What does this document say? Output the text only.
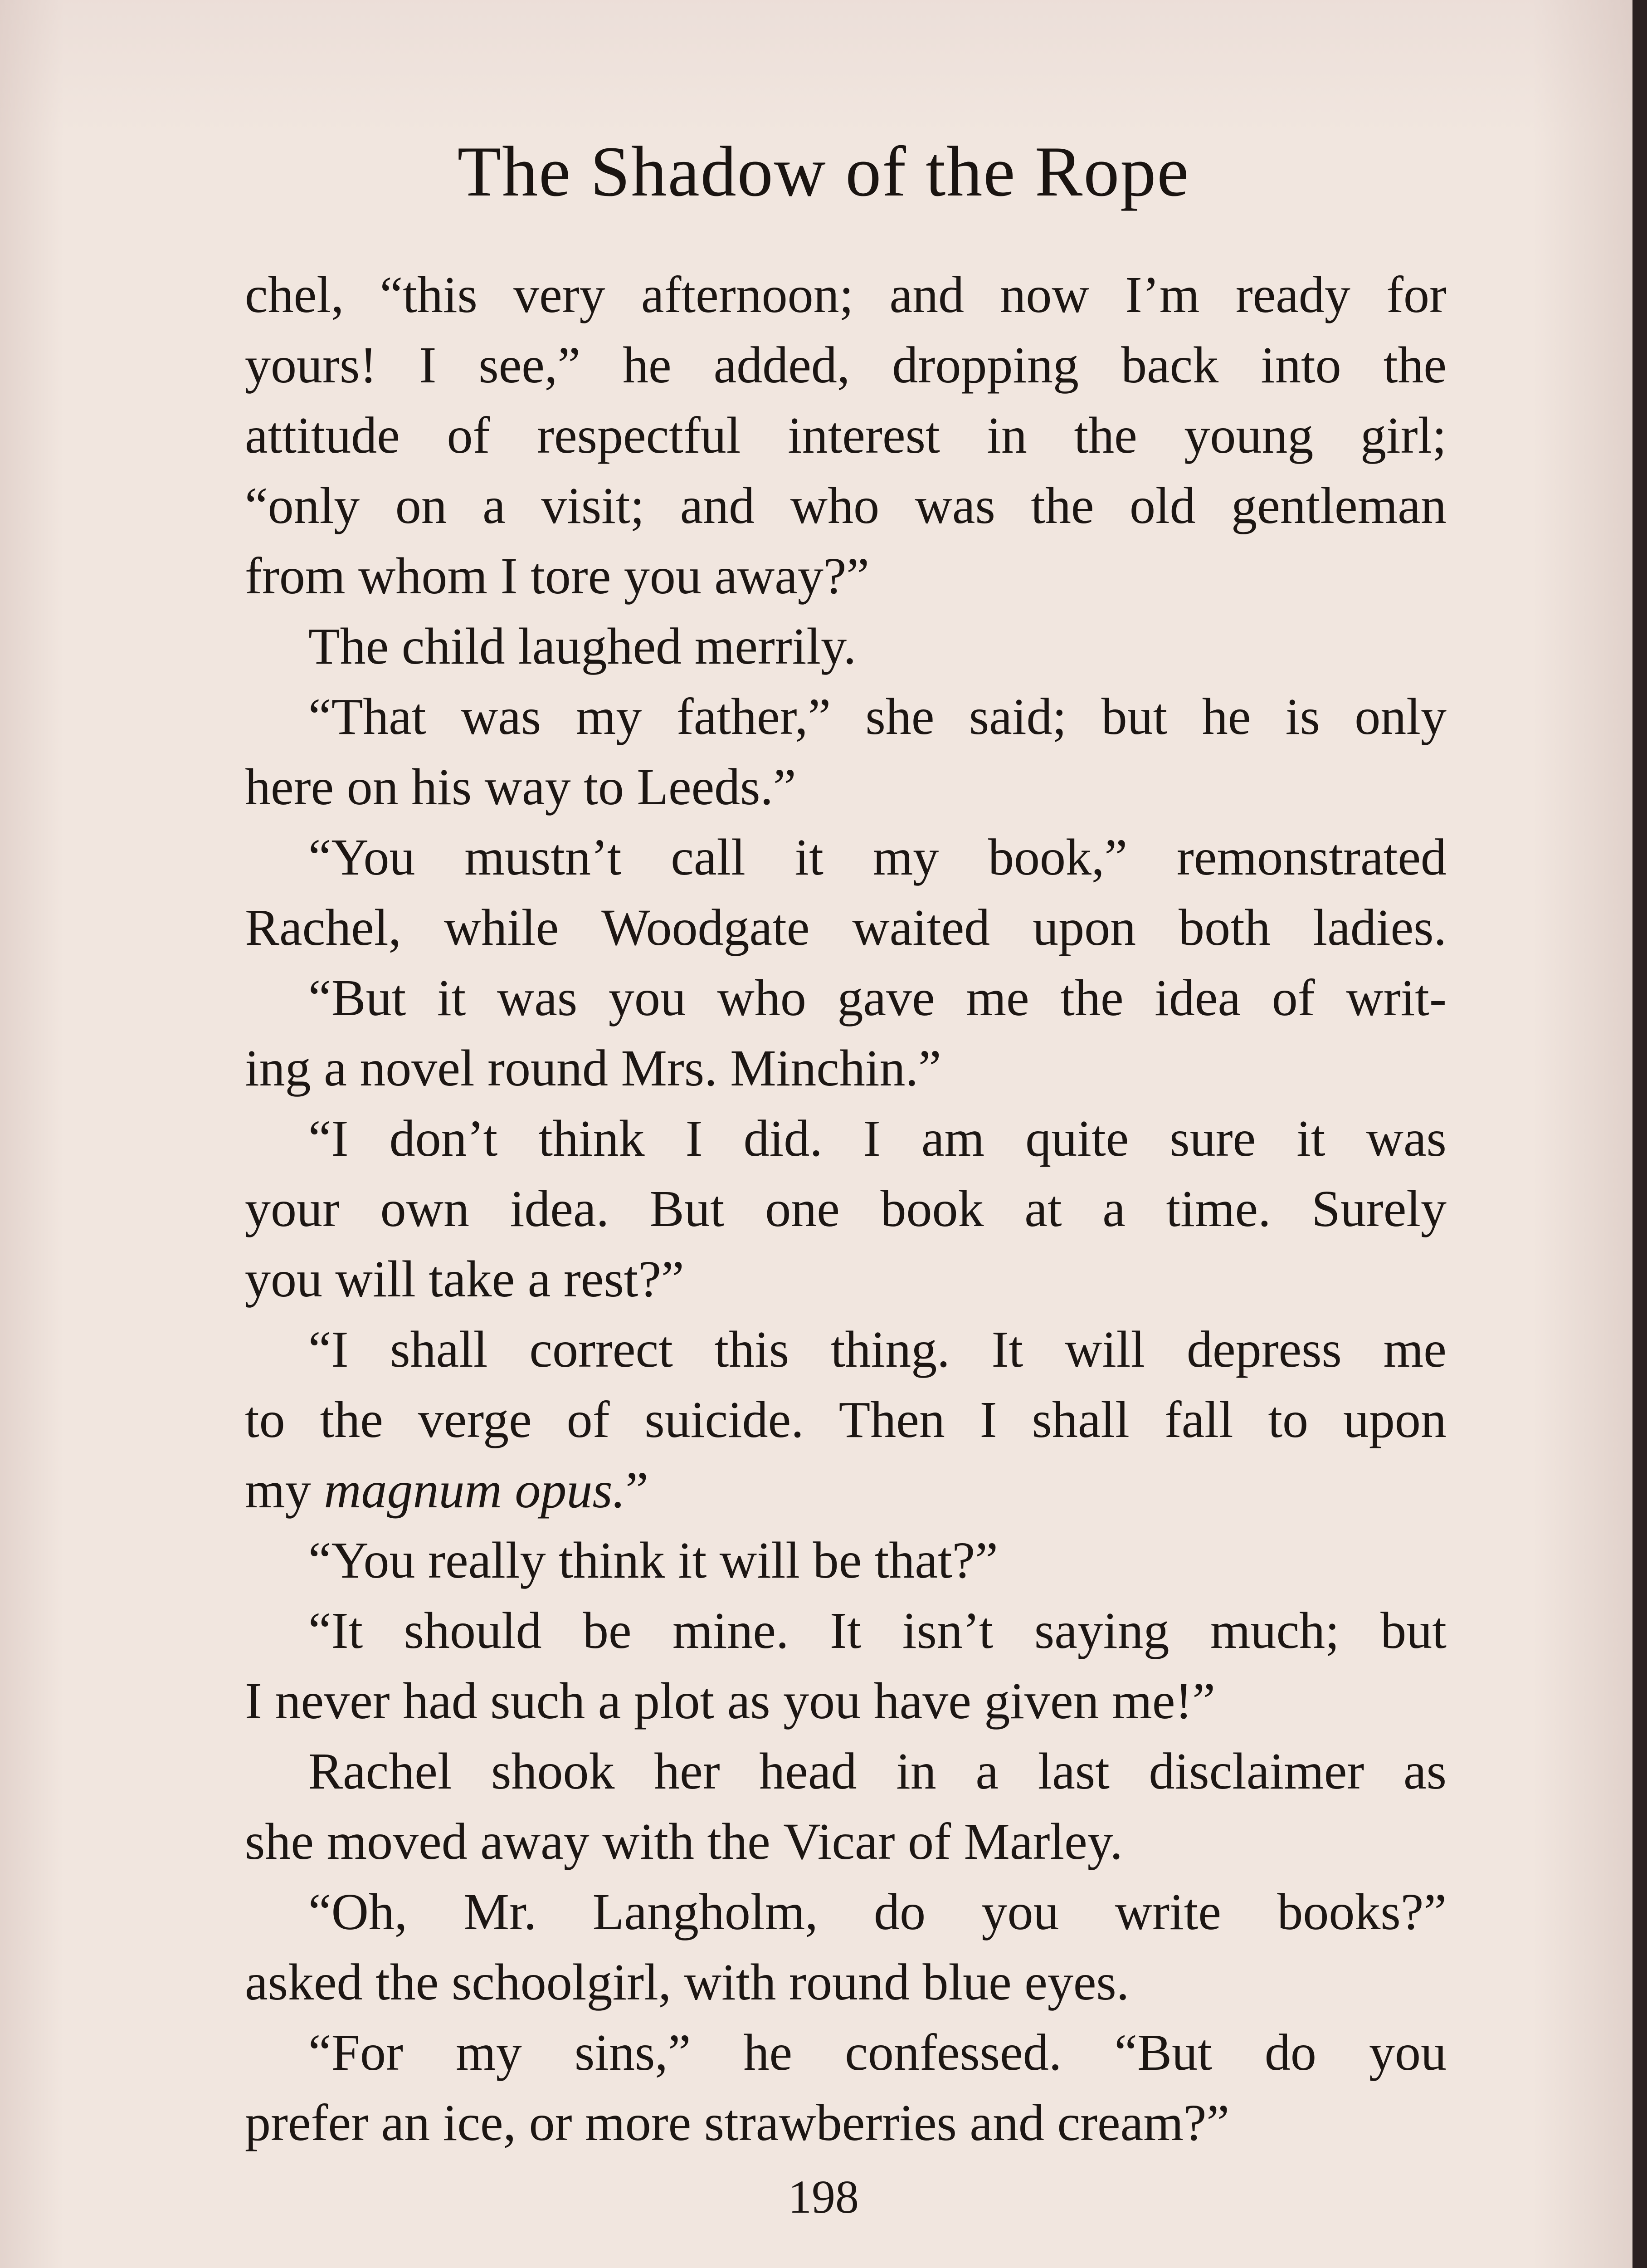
The Shadow of the Rope
chel, “this very afternoon; and now I’m ready for
yours! I see,” he added, dropping back into the
attitude of respectful interest in the young girl;
“only on a visit; and who was the old gentleman
from whom I tore you away?”
The child laughed merrily.
“That was my father,” she said; but he is only
here on his way to Leeds.”
“You mustn’t call it my book,” remonstrated
Rachel, while Woodgate waited upon both ladies.
“But it was you who gave me the idea of writ-
ing a novel round Mrs. Minchin.”
“I don’t think I did. I am quite sure it was
your own idea. But one book at a time. Surely
you will take a rest?”
“I shall correct this thing. It will depress me
to the verge of suicide. Then I shall fall to upon
my
magnum opus. ”
“You really think it will be that?”
“It should be mine. It isn’t saying much; but
I never had such a plot as you have given me!”
Rachel shook her head in a last disclaimer as
she moved away with the Vicar of Marley.
“Oh, Mr. Langholm, do you write books?”
asked the schoolgirl, with round blue eyes.
“For my sins,” he confessed. “But do you
prefer an ice, or more strawberries and cream?”
198
